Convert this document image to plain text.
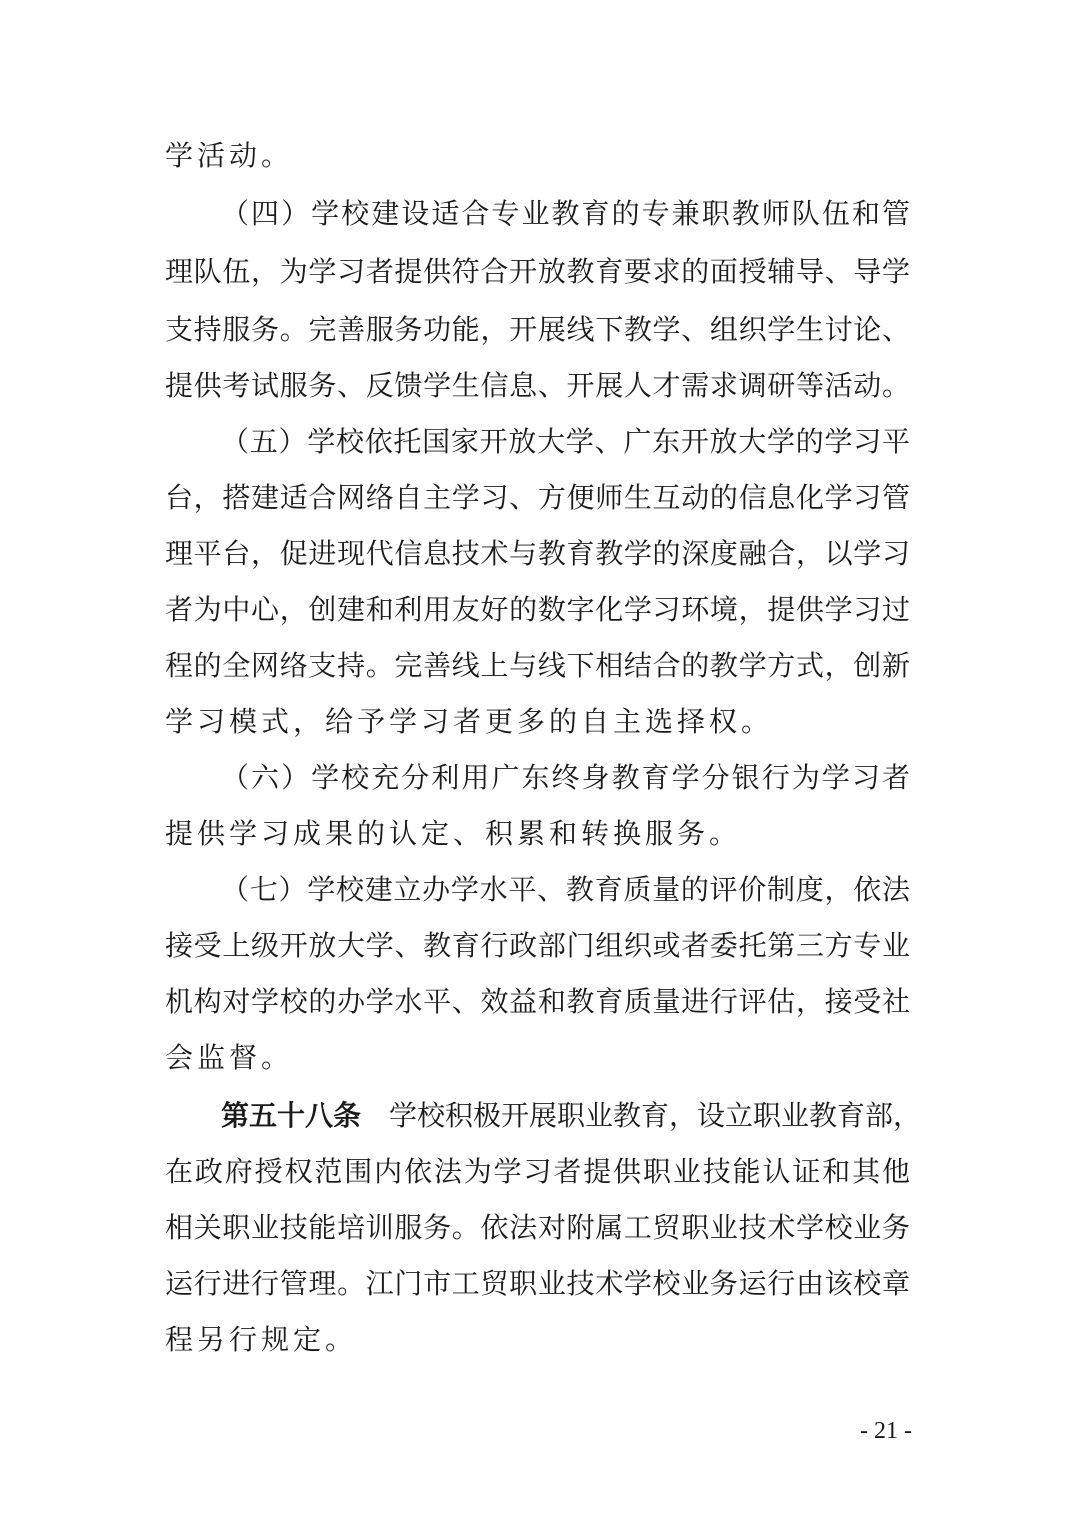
学活动。
（四）学校建设适合专业教育的专兼职教师队伍和管
理队伍，为学习者提供符合开放教育要求的面授辅导、导学
支持服务。完善服务功能，开展线下教学、组织学生讨论、
提供考试服务、反馈学生信息、开展人才需求调研等活动。
（五）学校依托国家开放大学、广东开放大学的学习平
台，搭建适合网络自主学习、方便师生互动的信息化学习管
理平台，促进现代信息技术与教育教学的深度融合，以学习
者为中心，创建和利用友好的数字化学习环境，提供学习过
程的全网络支持。完善线上与线下相结合的教学方式，创新
学习模式，给予学习者更多的自主选择权。
（六）学校充分利用广东终身教育学分银行为学习者
提供学习成果的认定、积累和转换服务。
（七）学校建立办学水平、教育质量的评价制度，依法
接受上级开放大学、教育行政部门组织或者委托第三方专业
机构对学校的办学水平、效益和教育质量进行评估，接受社
会监督。
第五十八条 学校积极开展职业教育，设立职业教育部，
在政府授权范围内依法为学习者提供职业技能认证和其他
相关职业技能培训服务。依法对附属工贸职业技术学校业务
运行进行管理。江门市工贸职业技术学校业务运行由该校章
程另行规定。
- 21 -
